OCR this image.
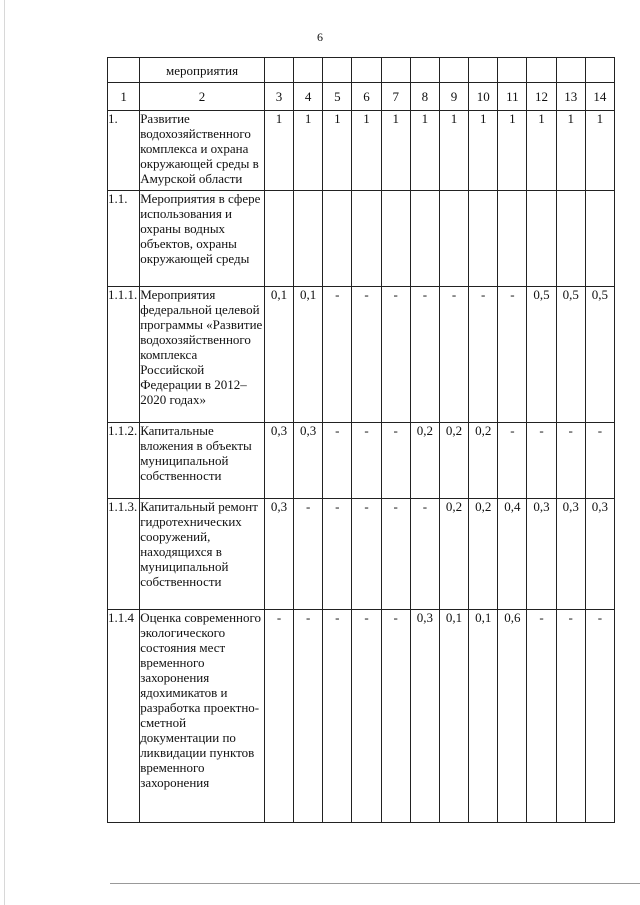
6
	мероприятия												
1	2	3	4	5	6	7	8	9	10	11	12	13	14
1.	Развитие водохозяйственного комплекса и охрана окружающей среды в Амурской области	1	1	1	1	1	1	1	1	1	1	1	1
1.1.	Мероприятия в сфере использования и охраны водных объектов, охраны окружающей среды												
1.1.1.	Мероприятия федеральной целевой программы «Развитие водохозяйственного комплекса Российской Федерации в 2012–2020 годах»	0,1	0,1	-	-	-	-	-	-	-	0,5	0,5	0,5
1.1.2.	Капитальные вложения в объекты муниципальной собственности	0,3	0,3	-	-	-	0,2	0,2	0,2	-	-	-	-
1.1.3.	Капитальный ремонт гидротехнических сооружений, находящихся в муниципальной собственности	0,3	-	-	-	-	-	0,2	0,2	0,4	0,3	0,3	0,3
1.1.4	Оценка современного экологического состояния мест временного захоронения ядохимикатов и разработка проектно-сметной документации по ликвидации пунктов временного захоронения	-	-	-	-	-	0,3	0,1	0,1	0,6	-	-	-
